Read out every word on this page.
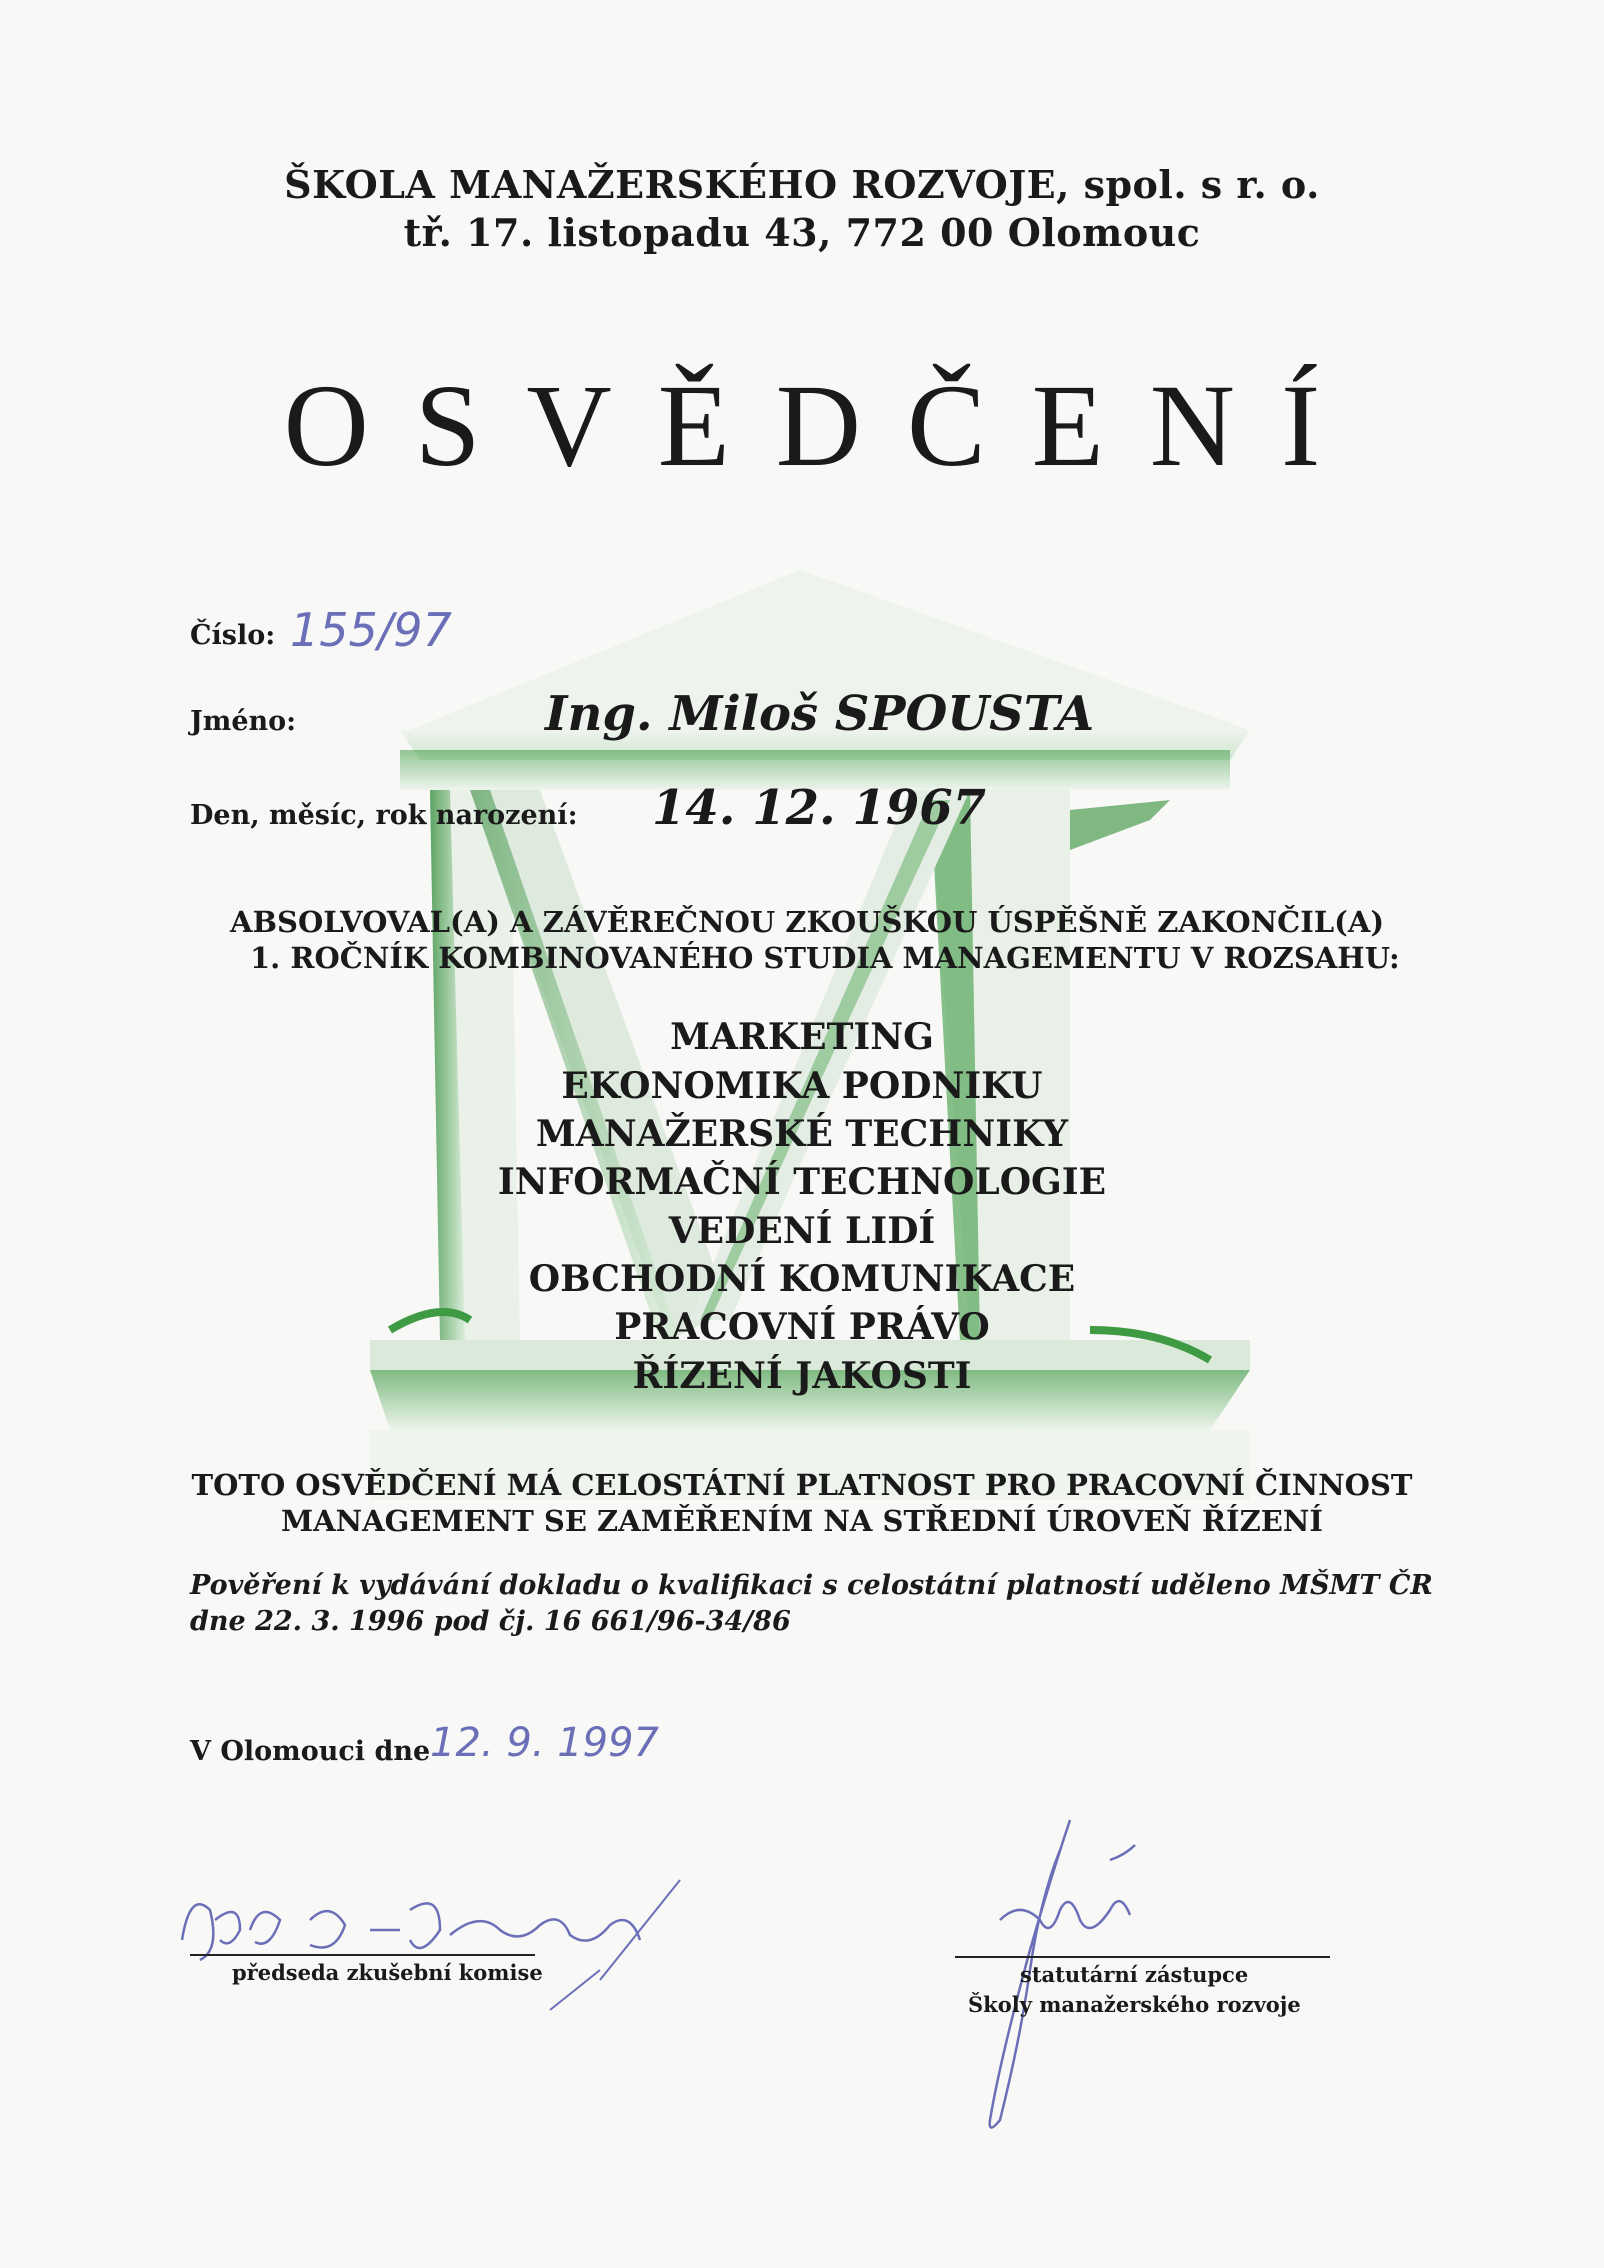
ŠKOLA MANAŽERSKÉHO ROZVOJE, spol. s r. o.
tř. 17. listopadu 43, 772 00 Olomouc
OSVĚDČENÍ
Číslo: 155/97
Jméno:	Ing. Miloš SPOUSTA
Den, měsíc, rok narození: 14. 12. 1967
ABSOLVOVAL(A) A ZÁVĚREČNOU ZKOUŠKOU ÚSPĚŠNĚ ZAKONČIL(A)
1. ROČNÍK KOMBINOVANÉHO STUDIA MANAGEMENTU V ROZSAHU:
MARKETING
EKONOMIKA PODNIKU
MANAŽERSKÉ TECHNIKY
INFORMAČNÍ TECHNOLOGIE
VEDENÍ LIDÍ
OBCHODNÍ KOMUNIKACE
PRACOVNÍ PRÁVO
ŘÍZENÍ JAKOSTI
TOTO OSVĚDČENÍ MÁ CELOSTÁTNÍ PLATNOST PRO PRACOVNÍ ČINNOST
MANAGEMENT SE ZAMĚŘENÍM NA STŘEDNÍ ÚROVEŇ ŘÍZENÍ
Pověření k vydávání dokladu o kvalifikaci s celostátní platností uděleno MŠMT ČR
dne 22. 3. 1996 pod čj. 16 661/96-34/86
V Olomouci dne 12. 9. 1997
předseda zkušební komise	statutární zástupce
Školy manažerského rozvoje
